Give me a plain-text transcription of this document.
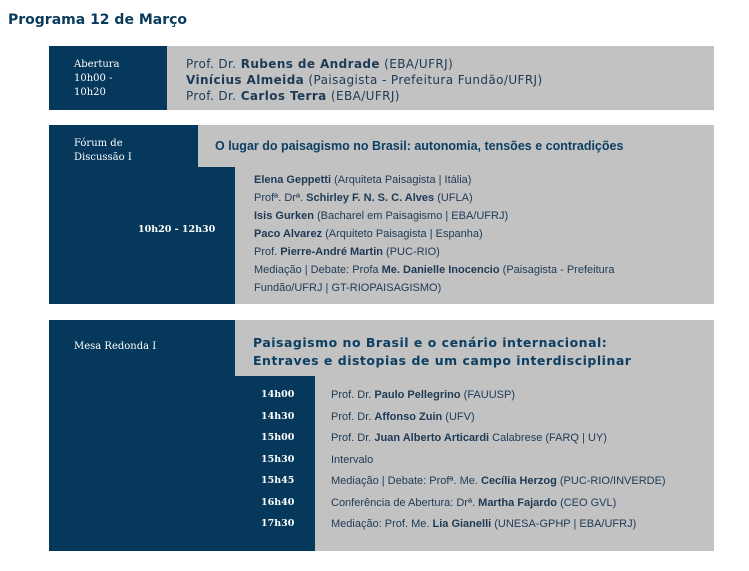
Programa 12 de Março
Abertura
10h00 -
10h20
Prof. Dr. Rubens de Andrade (EBA/UFRJ)
Vinícius Almeida (Paisagista - Prefeitura Fundão/UFRJ)
Prof. Dr. Carlos Terra (EBA/UFRJ)
Fórum de
Discussão I
10h20 - 12h30
O lugar do paisagismo no Brasil: autonomia, tensões e contradições
Elena Geppetti (Arquiteta Paisagista | Itália)
Profª. Drª. Schirley F. N. S. C. Alves (UFLA)
Isis Gurken (Bacharel em Paisagismo | EBA/UFRJ)
Paco Alvarez (Arquiteto Paisagista | Espanha)
Prof. Pierre-André Martin (PUC-RIO)
Mediação | Debate: Profa Me. Danielle Inocencio (Paisagista - Prefeitura
Fundão/UFRJ | GT-RIOPAISAGISMO)
Mesa Redonda I	Paisagismo no Brasil e o cenário internacional:
Entraves e distopias de um campo interdisciplinar
14h00	Prof. Dr. Paulo Pellegrino (FAUUSP)
14h30	Prof. Dr. Affonso Zuin (UFV)
15h00	Prof. Dr. Juan Alberto Articardi Calabrese (FARQ | UY)
15h30	Intervalo
15h45	Mediação | Debate: Profª. Me. Cecília Herzog (PUC-RIO/INVERDE)
16h40	Conferência de Abertura: Drª. Martha Fajardo (CEO GVL)
17h30	Mediação: Prof. Me. Lia Gianelli (UNESA-GPHP | EBA/UFRJ)
